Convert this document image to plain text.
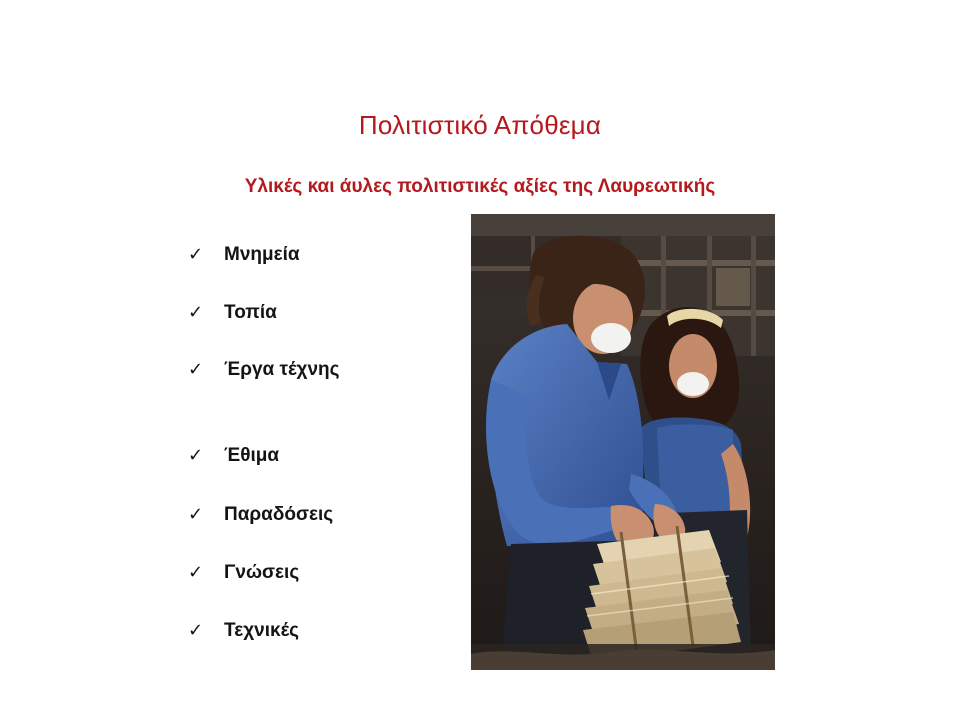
Πολιτιστικό Απόθεμα
Υλικές και άυλες πολιτιστικές αξίες της Λαυρεωτικής
✓ Μνημεία
✓ Τοπία
✓ Έργα τέχνης
✓ Έθιμα
✓ Παραδόσεις
✓ Γνώσεις
✓ Τεχνικές
